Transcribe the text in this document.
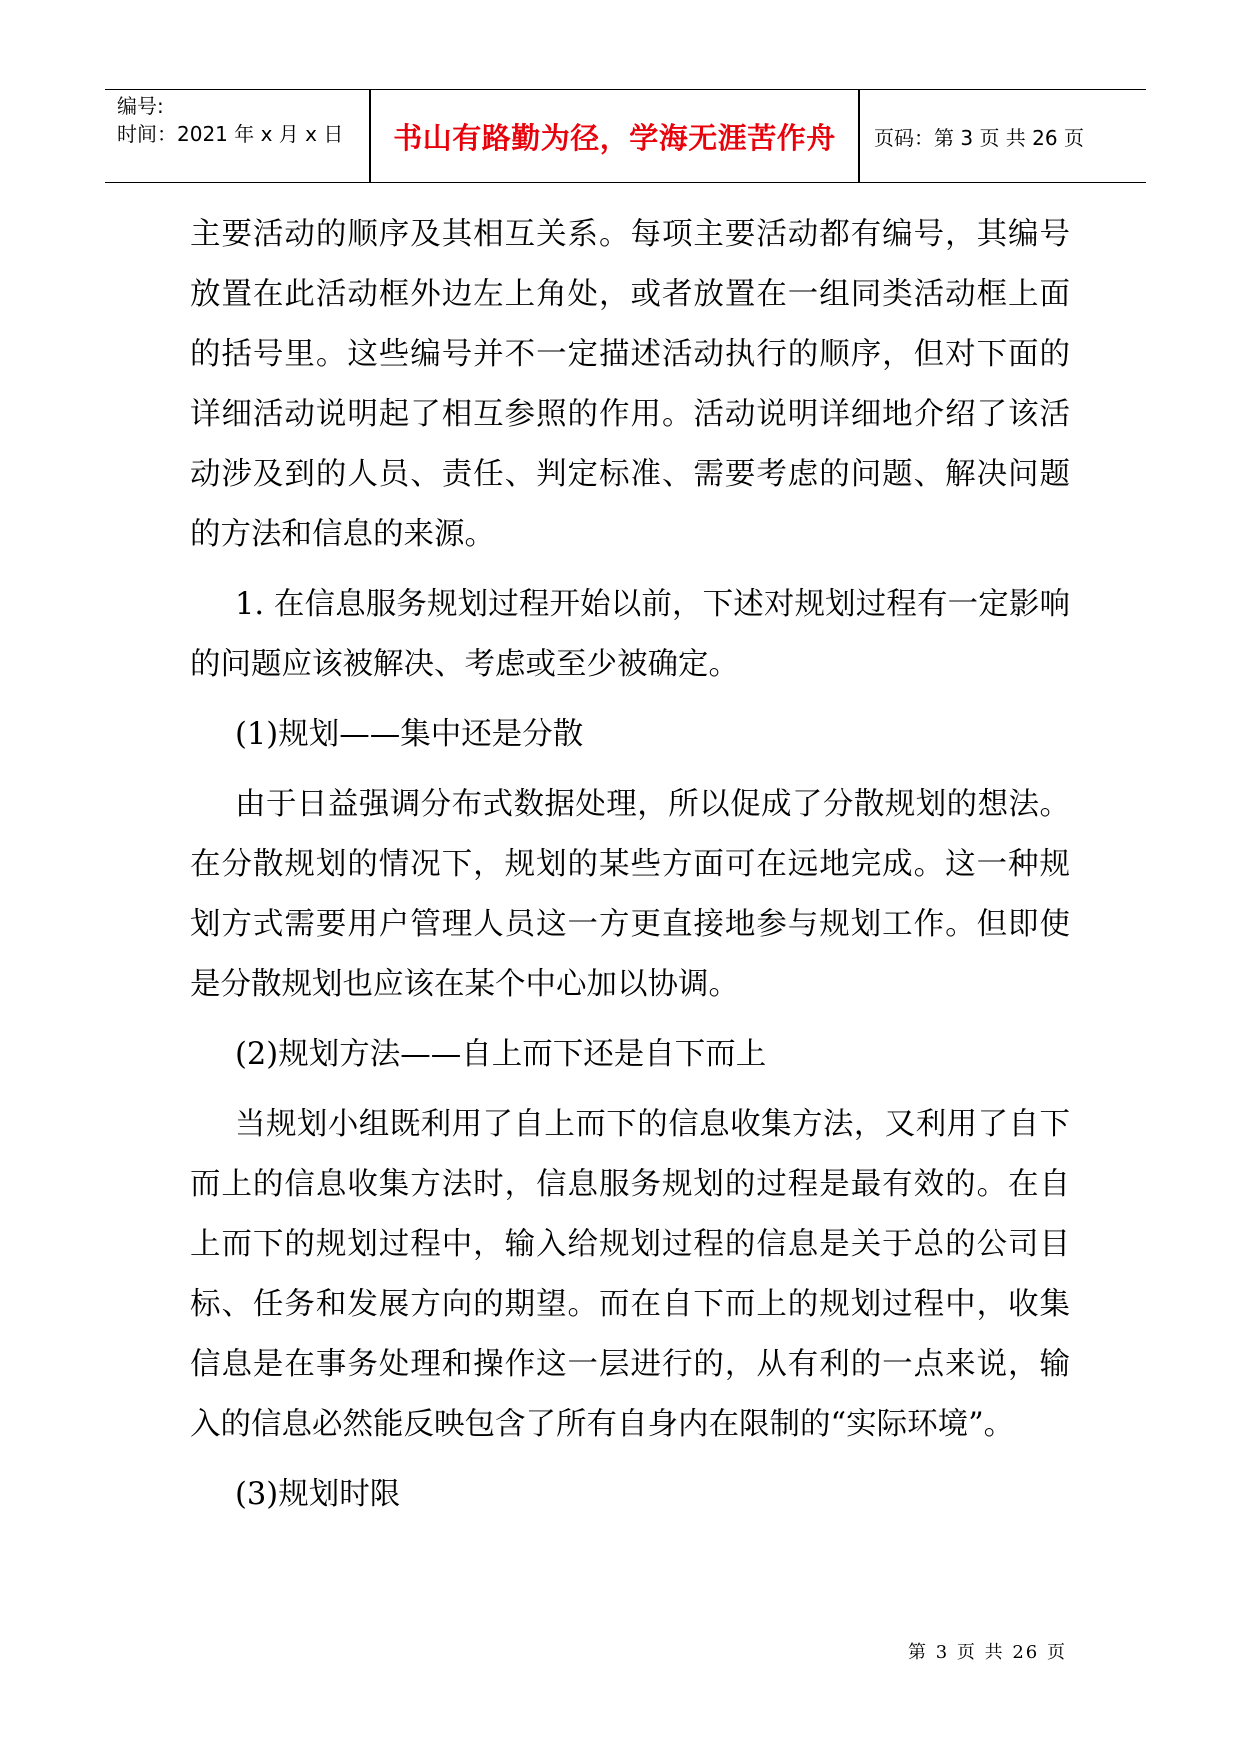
编号:
时间：2021 年 x 月 x 日	书山有路勤为径，学海无涯苦作舟	页码：第 3 页 共 26 页

主要活动的顺序及其相互关系。每项主要活动都有编号，其编号放置在此活动框外边左上角处，或者放置在一组同类活动框上面的括号里。这些编号并不一定描述活动执行的顺序，但对下面的详细活动说明起了相互参照的作用。活动说明详细地介绍了该活动涉及到的人员、责任、判定标准、需要考虑的问题、解决问题的方法和信息的来源。

1. 在信息服务规划过程开始以前，下述对规划过程有一定影响的问题应该被解决、考虑或至少被确定。

(1)规划——集中还是分散

由于日益强调分布式数据处理，所以促成了分散规划的想法。在分散规划的情况下，规划的某些方面可在远地完成。这一种规划方式需要用户管理人员这一方更直接地参与规划工作。但即使是分散规划也应该在某个中心加以协调。

(2)规划方法——自上而下还是自下而上

当规划小组既利用了自上而下的信息收集方法，又利用了自下而上的信息收集方法时，信息服务规划的过程是最有效的。在自上而下的规划过程中，输入给规划过程的信息是关于总的公司目标、任务和发展方向的期望。而在自下而上的规划过程中，收集信息是在事务处理和操作这一层进行的，从有利的一点来说，输入的信息必然能反映包含了所有自身内在限制的“实际环境”。

(3)规划时限

第 3 页 共 26 页
